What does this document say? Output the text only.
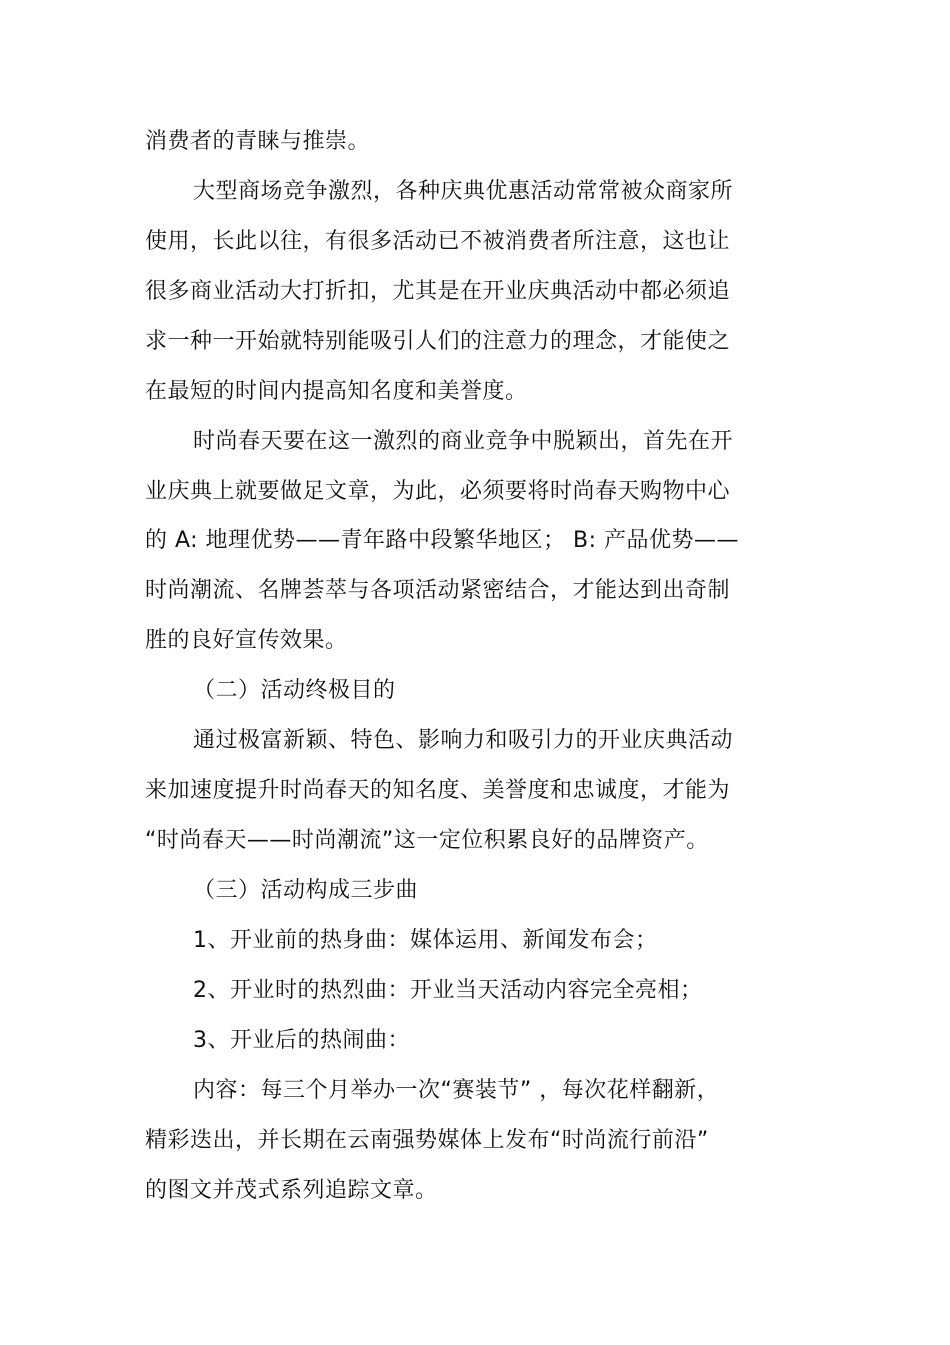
消费者的青睐与推崇。
大型商场竞争激烈，各种庆典优惠活动常常被众商家所
使用，长此以往，有很多活动已不被消费者所注意，这也让
很多商业活动大打折扣，尤其是在开业庆典活动中都必须追
求一种一开始就特别能吸引人们的注意力的理念，才能使之
在最短的时间内提高知名度和美誉度。
时尚春天要在这一激烈的商业竞争中脱颖出，首先在开
业庆典上就要做足文章，为此，必须要将时尚春天购物中心
的 A: 地理优势——青年路中段繁华地区； B: 产品优势——
时尚潮流、名牌荟萃与各项活动紧密结合，才能达到出奇制
胜的良好宣传效果。
（二）活动终极目的
通过极富新颖、特色、影响力和吸引力的开业庆典活动
来加速度提升时尚春天的知名度、美誉度和忠诚度，才能为
“时尚春天——时尚潮流”这一定位积累良好的品牌资产。
（三）活动构成三步曲
1、开业前的热身曲：媒体运用、新闻发布会；
2、开业时的热烈曲：开业当天活动内容完全亮相；
3、开业后的热闹曲：
内容：每三个月举办一次“赛装节” ，每次花样翻新，
精彩迭出，并长期在云南强势媒体上发布“时尚流行前沿”
的图文并茂式系列追踪文章。
